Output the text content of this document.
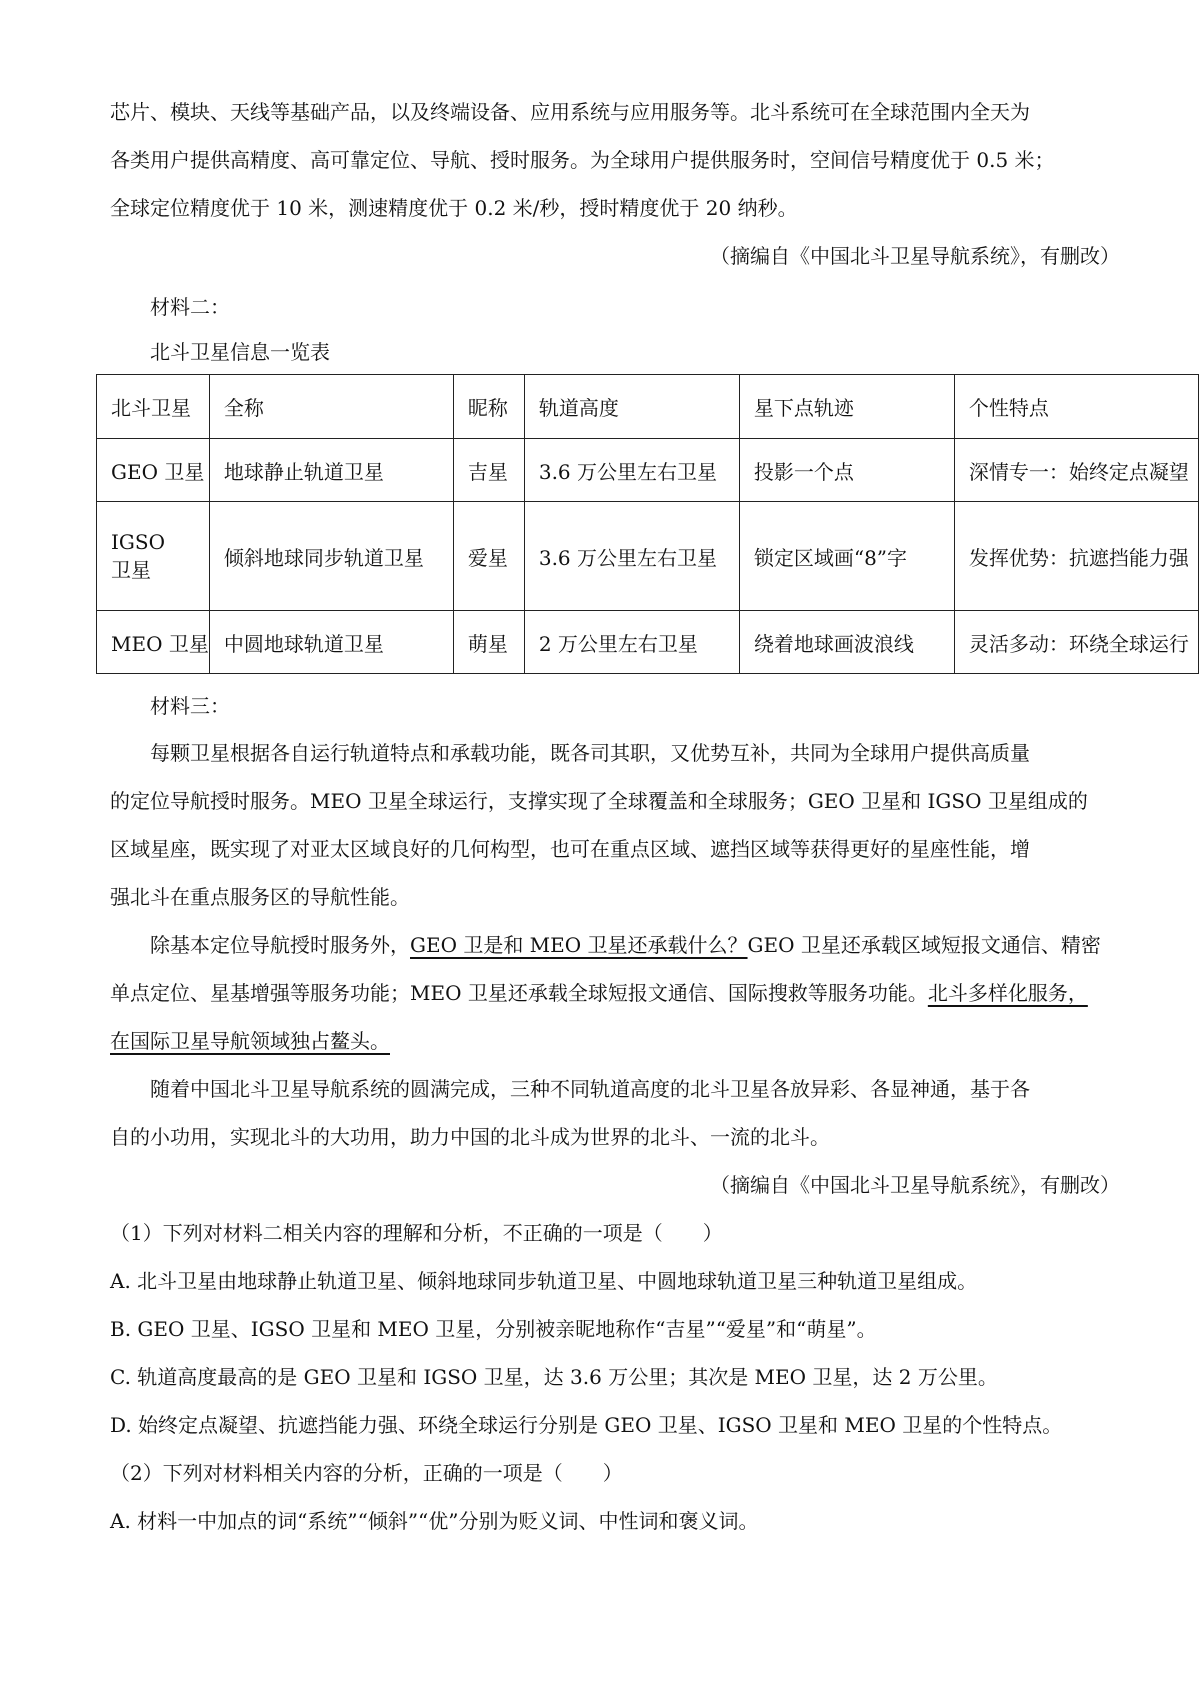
芯片、模块、天线等基础产品，以及终端设备、应用系统与应用服务等。北斗系统可在全球范围内全天为
各类用户提供高精度、高可靠定位、导航、授时服务。为全球用户提供服务时，空间信号精度优于 0.5 米；
全球定位精度优于 10 米，测速精度优于 0.2 米/秒，授时精度优于 20 纳秒。
（摘编自《中国北斗卫星导航系统》，有删改）
材料二：
北斗卫星信息一览表
北斗卫星	全称	昵称	轨道高度	星下点轨迹	个性特点
GEO 卫星	地球静止轨道卫星	吉星	3.6 万公里左右卫星	投影一个点	深情专一：始终定点凝望
IGSO 卫星	倾斜地球同步轨道卫星	爱星	3.6 万公里左右卫星	锁定区域画“8”字	发挥优势：抗遮挡能力强
MEO 卫星	中圆地球轨道卫星	萌星	2 万公里左右卫星	绕着地球画波浪线	灵活多动：环绕全球运行
材料三：
每颗卫星根据各自运行轨道特点和承载功能，既各司其职，又优势互补，共同为全球用户提供高质量
的定位导航授时服务。MEO 卫星全球运行，支撑实现了全球覆盖和全球服务；GEO 卫星和 IGSO 卫星组成的
区域星座，既实现了对亚太区域良好的几何构型，也可在重点区域、遮挡区域等获得更好的星座性能，增
强北斗在重点服务区的导航性能。
除基本定位导航授时服务外，GEO 卫是和 MEO 卫星还承载什么？GEO 卫星还承载区域短报文通信、精密
单点定位、星基增强等服务功能；MEO 卫星还承载全球短报文通信、国际搜救等服务功能。北斗多样化服务，
在国际卫星导航领域独占鳌头。
随着中国北斗卫星导航系统的圆满完成，三种不同轨道高度的北斗卫星各放异彩、各显神通，基于各
自的小功用，实现北斗的大功用，助力中国的北斗成为世界的北斗、一流的北斗。
（摘编自《中国北斗卫星导航系统》，有删改）
（1）下列对材料二相关内容的理解和分析，不正确的一项是（　　）
A. 北斗卫星由地球静止轨道卫星、倾斜地球同步轨道卫星、中圆地球轨道卫星三种轨道卫星组成。
B. GEO 卫星、IGSO 卫星和 MEO 卫星，分别被亲昵地称作“吉星”“爱星”和“萌星”。
C. 轨道高度最高的是 GEO 卫星和 IGSO 卫星，达 3.6 万公里；其次是 MEO 卫星，达 2 万公里。
D. 始终定点凝望、抗遮挡能力强、环绕全球运行分别是 GEO 卫星、IGSO 卫星和 MEO 卫星的个性特点。
（2）下列对材料相关内容的分析，正确的一项是（　　）
A. 材料一中加点的词“系统”“倾斜”“优”分别为贬义词、中性词和褒义词。
